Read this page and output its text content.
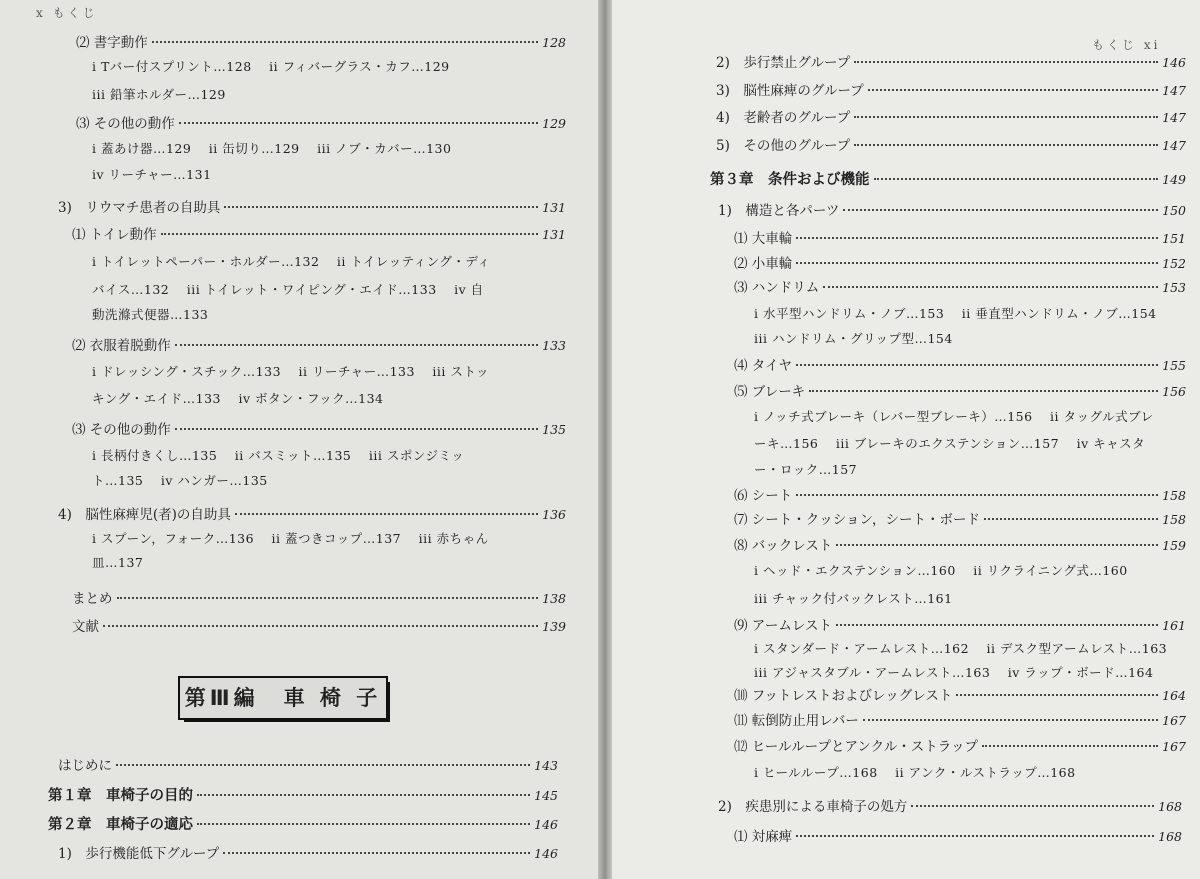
x もくじ
⑵ 書字動作	128
i Tバー付スプリント…128　 ii フィバーグラス・カフ…129
iii 鉛筆ホルダー…129
⑶ その他の動作	129
i 蓋あけ器…129　 ii 缶切り…129　 iii ノブ・カバー…130
iv リーチャー…131
3)　リウマチ患者の自助具	131
⑴ トイレ動作	131
i トイレットペーパー・ホルダー…132　 ii トイレッティング・ディ
バイス…132　 iii トイレット・ワイピング・エイド…133　 iv 自
動洗滌式便器…133
⑵ 衣服着脱動作	133
i ドレッシング・スチック…133　 ii リーチャー…133　 iii ストッ
キング・エイド…133　 iv ボタン・フック…134
⑶ その他の動作	135
i 長柄付きくし…135　 ii バスミット…135　 iii スポンジミッ
ト…135　 iv ハンガー…135
4)　脳性麻痺児(者)の自助具	136
i スプーン，フォーク…136　 ii 蓋つきコップ…137　 iii 赤ちゃん
皿…137
まとめ	138
文献	139
第Ⅲ編　車 椅 子
はじめに	143
第１章　車椅子の目的	145
第２章　車椅子の適応	146
1)　歩行機能低下グループ	146
もくじ xi
2)　歩行禁止グループ	146
3)　脳性麻痺のグループ	147
4)　老齢者のグループ	147
5)　その他のグループ	147
第３章　条件および機能	149
1)　構造と各パーツ	150
⑴ 大車輪	151
⑵ 小車輪	152
⑶ ハンドリム	153
i 水平型ハンドリム・ノブ…153　 ii 垂直型ハンドリム・ノブ…154
iii ハンドリム・グリップ型…154
⑷ タイヤ	155
⑸ ブレーキ	156
i ノッチ式ブレーキ（レバー型ブレーキ）…156　 ii タッグル式ブレ
ーキ…156　 iii ブレーキのエクステンション…157　 iv キャスタ
ー・ロック…157
⑹ シート	158
⑺ シート・クッション，シート・ボード	158
⑻ バックレスト	159
i ヘッド・エクステンション…160　 ii リクライニング式…160
iii チャック付バックレスト…161
⑼ アームレスト	161
i スタンダード・アームレスト…162　 ii デスク型アームレスト…163
iii アジャスタブル・アームレスト…163　 iv ラップ・ボード…164
⑽ フットレストおよびレッグレスト	164
⑾ 転倒防止用レバー	167
⑿ ヒールループとアンクル・ストラップ	167
i ヒールループ…168　 ii アンク・ルストラップ…168
2)　疾患別による車椅子の処方	168
⑴ 対麻痺	168
